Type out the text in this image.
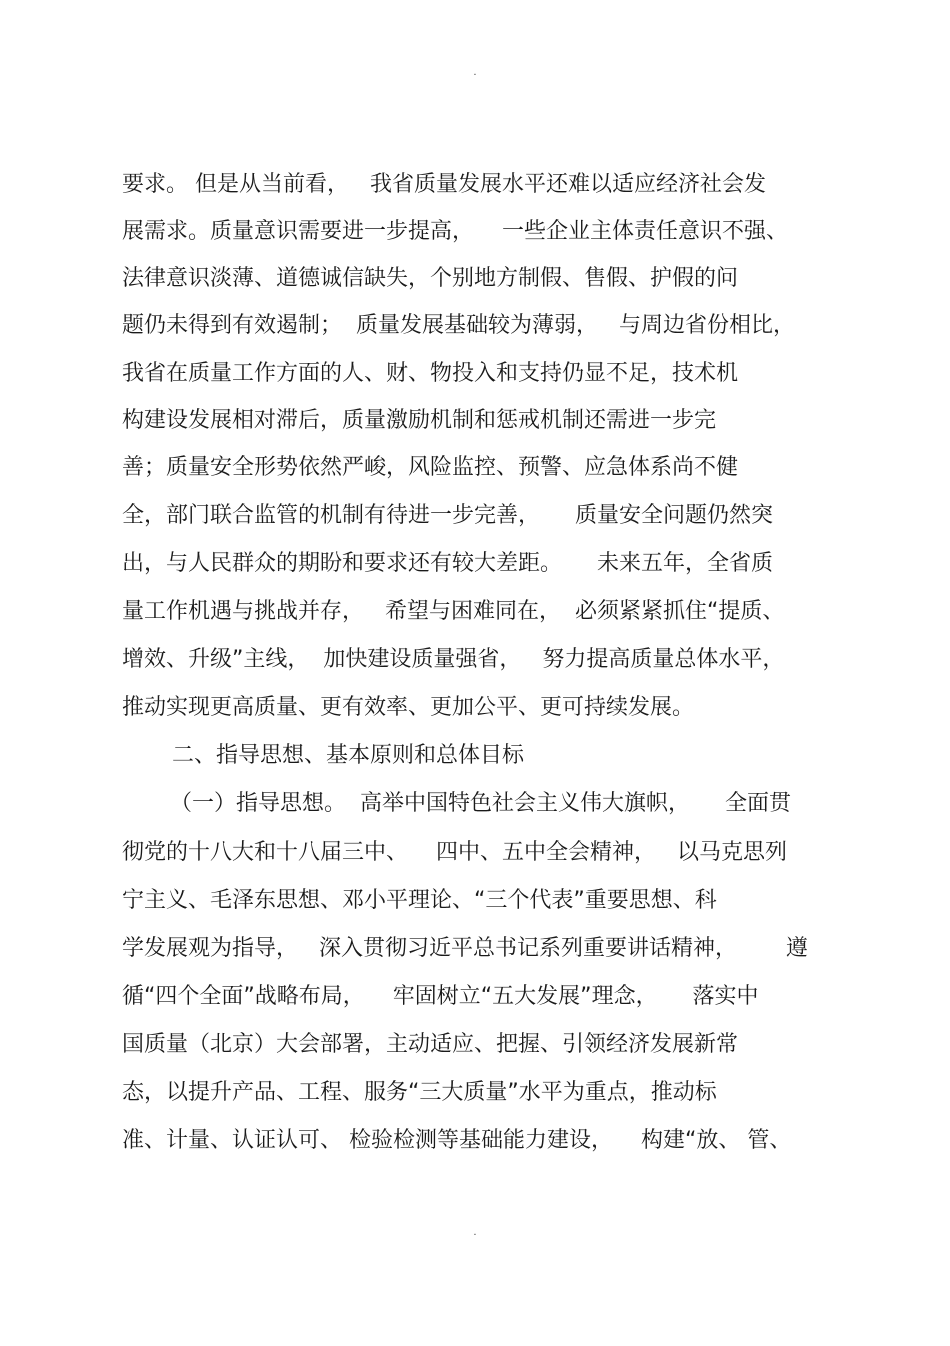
.
要求。 但是从当前看，   我省质量发展水平还难以适应经济社会发
展需求。质量意识需要进一步提高，    一些企业主体责任意识不强、
法律意识淡薄、道德诚信缺失，个别地方制假、售假、护假的问
题仍未得到有效遏制；  质量发展基础较为薄弱，   与周边省份相比，
我省在质量工作方面的人、财、物投入和支持仍显不足，技术机
构建设发展相对滞后，质量激励机制和惩戒机制还需进一步完
善；质量安全形势依然严峻，风险监控、预警、应急体系尚不健
全，部门联合监管的机制有待进一步完善，     质量安全问题仍然突
出，与人民群众的期盼和要求还有较大差距。     未来五年，全省质
量工作机遇与挑战并存，   希望与困难同在，  必须紧紧抓住“提质、
增效、升级”主线，  加快建设质量强省，   努力提高质量总体水平，
推动实现更高质量、更有效率、更加公平、更可持续发展。
二、指导思想、基本原则和总体目标
（一）指导思想。  高举中国特色社会主义伟大旗帜，     全面贯
彻党的十八大和十八届三中、    四中、五中全会精神，   以马克思列
宁主义、毛泽东思想、邓小平理论、“三个代表”重要思想、科
学发展观为指导，   深入贯彻习近平总书记系列重要讲话精神，       遵
循“四个全面”战略布局，    牢固树立“五大发展”理念，     落实中
国质量（北京）大会部署，主动适应、把握、引领经济发展新常
态，以提升产品、工程、服务“三大质量”水平为重点，推动标
准、计量、认证认可、 检验检测等基础能力建设，    构建“放、 管、
.
